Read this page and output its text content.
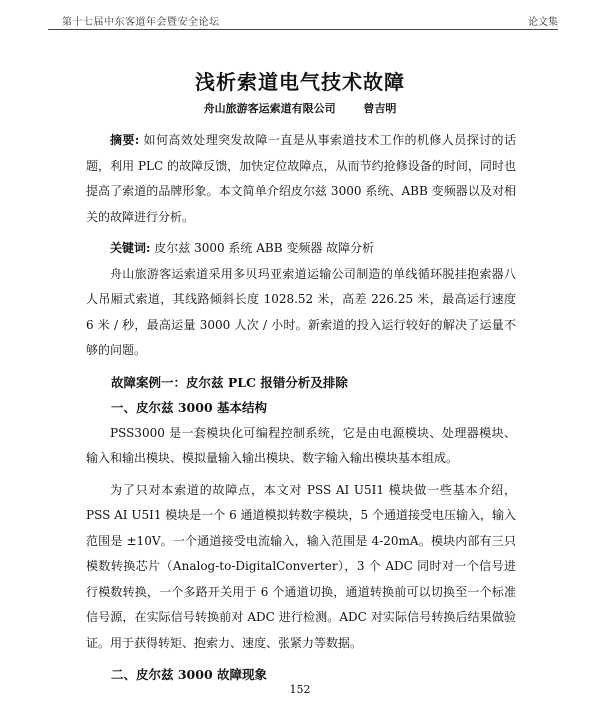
第十七届中东客道年会暨安全论坛	论文集
浅析索道电气技术故障
舟山旅游客运索道有限公司	曾吉明

摘要: 如何高效处理突发故障一直是从事索道技术工作的机修人员探讨的话题，利用 PLC 的故障反馈，加快定位故障点，从而节约抢修设备的时间，同时也提高了索道的品牌形象。本文简单介绍皮尔兹 3000 系统、ABB 变频器以及对相关的故障进行分析。

关键词: 皮尔兹 3000 系统 ABB 变频器 故障分析

舟山旅游客运索道采用多贝玛亚索道运输公司制造的单线循环脱挂抱索器八人吊厢式索道，其线路倾斜长度 1028.52 米，高差 226.25 米，最高运行速度 6 米 / 秒，最高运量 3000 人次 / 小时。新索道的投入运行较好的解决了运量不够的问题。

故障案例一：皮尔兹 PLC 报错分析及排除

一、皮尔兹 3000 基本结构

PSS3000 是一套模块化可编程控制系统，它是由电源模块、处理器模块、输入和输出模块、模拟量输入输出模块、数字输入输出模块基本组成。

为了只对本索道的故障点，本文对 PSS AI U5I1 模块做一些基本介绍，PSS AI U5I1 模块是一个 6 通道模拟转数字模块，5 个通道接受电压输入，输入范围是 ±10V。一个通道接受电流输入，输入范围是 4-20mA。模块内部有三只模数转换芯片（Analog-to-DigitalConverter），3 个 ADC 同时对一个信号进行模数转换，一个多路开关用于 6 个通道切换，通道转换前可以切换至一个标准信号源，在实际信号转换前对 ADC 进行检测。ADC 对实际信号转换后结果做验证。用于获得转矩、抱索力、速度、张紧力等数据。

二、皮尔兹 3000 故障现象

152
